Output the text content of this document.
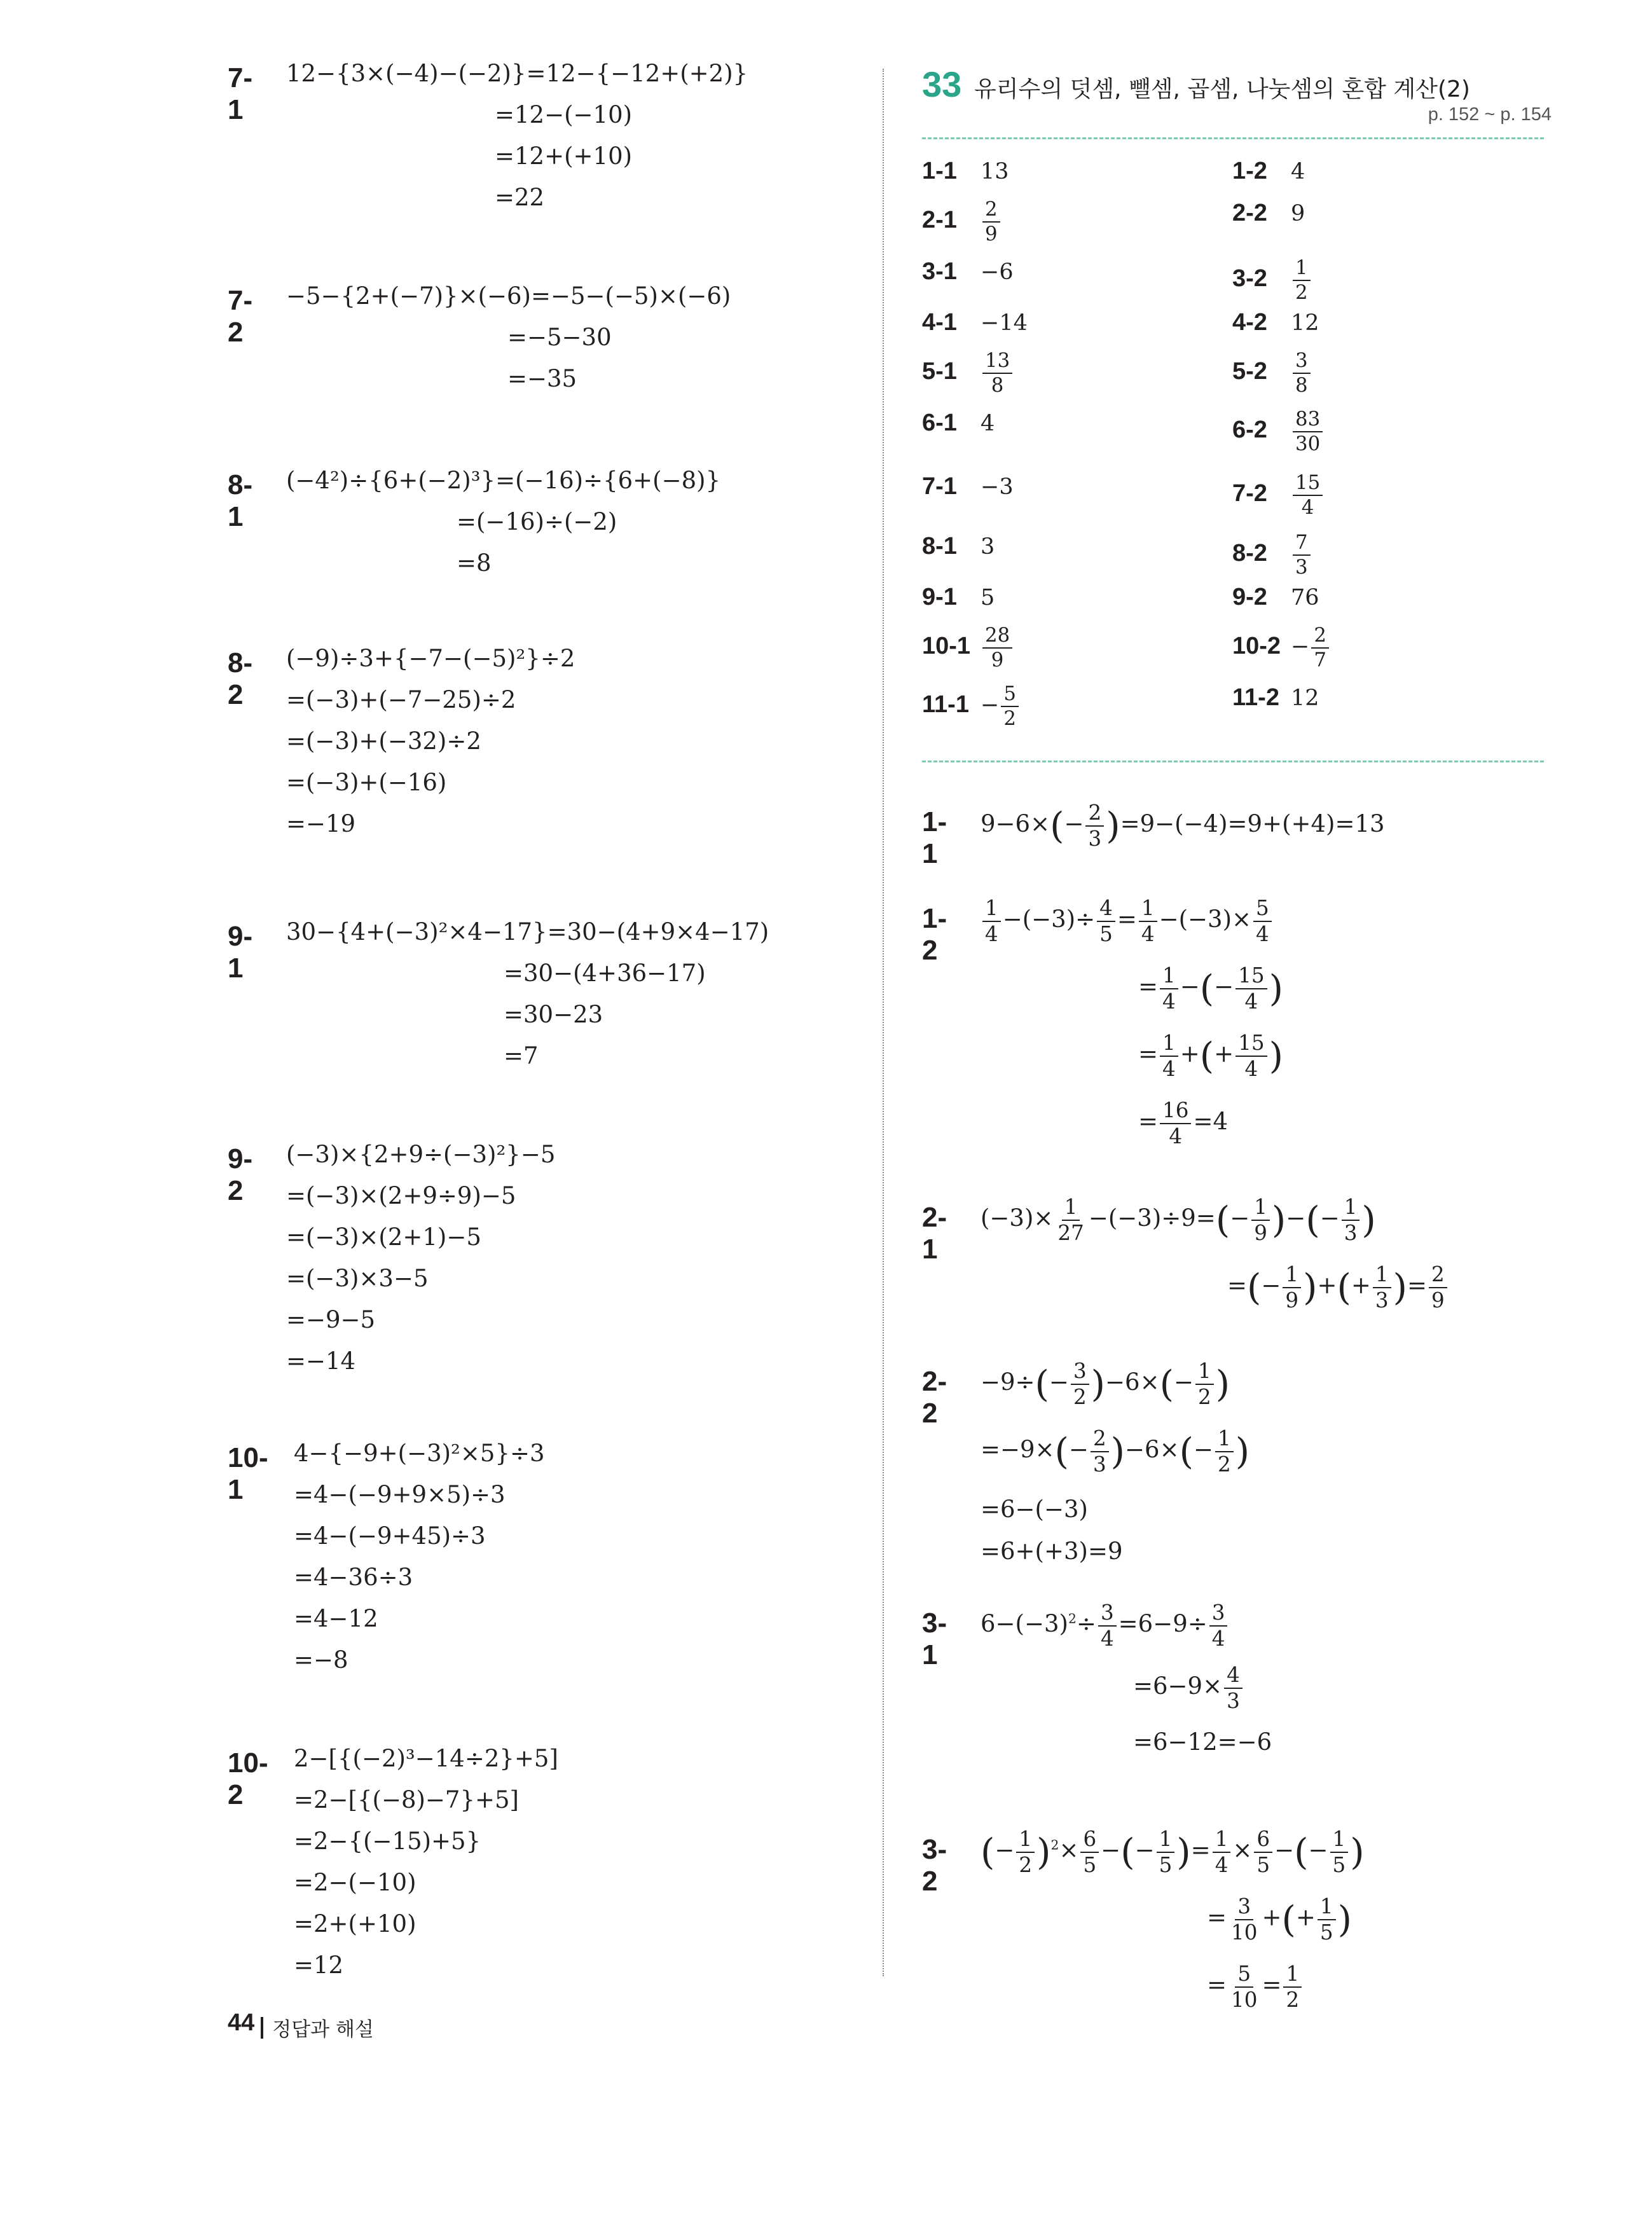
7-1
12−{3×(−4)−(−2)}=12−{−12+(+2)}
=12−(−10)
=12+(+10)
=22
7-2
−5−{2+(−7)}×(−6)=−5−(−5)×(−6)
=−5−30
=−35
8-1
(−4²)÷{6+(−2)³}=(−16)÷{6+(−8)}
=(−16)÷(−2)
=8
8-2
(−9)÷3+{−7−(−5)²}÷2
=(−3)+(−7−25)÷2
=(−3)+(−32)÷2
=(−3)+(−16)
=−19
9-1
30−{4+(−3)²×4−17}=30−(4+9×4−17)
=30−(4+36−17)
=30−23
=7
9-2
(−3)×{2+9÷(−3)²}−5
=(−3)×(2+9÷9)−5
=(−3)×(2+1)−5
=(−3)×3−5
=−9−5
=−14
10-1
4−{−9+(−3)²×5}÷3
=4−(−9+9×5)÷3
=4−(−9+45)÷3
=4−36÷3
=4−12
=−8
10-2
2−[{(−2)³−14÷2}+5]
=2−[{(−8)−7}+5]
=2−{(−15)+5}
=2−(−10)
=2+(+10)
=12
33 유리수의 덧셈, 뺄셈, 곱셈, 나눗셈의 혼합 계산(2)
p. 152 ~ p. 154
1-1 13	1-2 4
$2-1 \frac{2}{9}$	2-2 9
3-1 −6	$3-2 \frac{1}{2}$
4-1 −14	4-2 12
$5-1 \frac{13}{8}$	$5-2 \frac{3}{8}$
6-1 4	$6-2 \frac{83}{30}$
7-1 −3	$7-2 \frac{15}{4}$
8-1 3	$8-2 \frac{7}{3}$
9-1 5	9-2 76
$10-1 \frac{28}{9}$	$10-2 - \frac{2}{7}$
$11-1 - \frac{5}{2}$	11-2 12
1-1
$9-6\times(- \frac{2}{3} )=9-(-4)=9+(+4)=13$
1-2
$\frac{1}{4} -(-3)\div \frac{4}{5} = \frac{1}{4} -(-3)\times \frac{5}{4}$
= $\frac{1}{4}$ −(− $\frac{15}{4}$ )
= $\frac{1}{4}$ +(+ $\frac{15}{4}$ )
= $\frac{16}{4} =4$
2-1
$(-3)\times \frac{1}{27} -(-3)\div 9=(- \frac{1}{9}$ )−(− $\frac{1}{3}$ )
=(− $\frac{1}{9}$ )+(+ $\frac{1}{3}$ )= $\frac{2}{9}$
2-2
$-9\div(- \frac{3}{2} )-6\times(- \frac{1}{2}$ )
$=-9\times(- \frac{2}{3} )-6\times(- \frac{1}{2}$ )
=6−(−3)
=6+(+3)=9
3-1
$6-(-3)^2\div \frac{3}{4} =6-9\div \frac{3}{4}$
$=6-9\times \frac{4}{3}$
=6−12=−6
3-2
(− $\frac{1}{2} )^2\times \frac{6}{5}$ −(− $\frac{1}{5}$ )= $\frac{1}{4} \times \frac{6}{5}$ −(− $\frac{1}{5}$ )
= $\frac{3}{10}$ +(+ $\frac{1}{5}$ )
= $\frac{5}{10} = \frac{1}{2}$
44 정답과 해설
